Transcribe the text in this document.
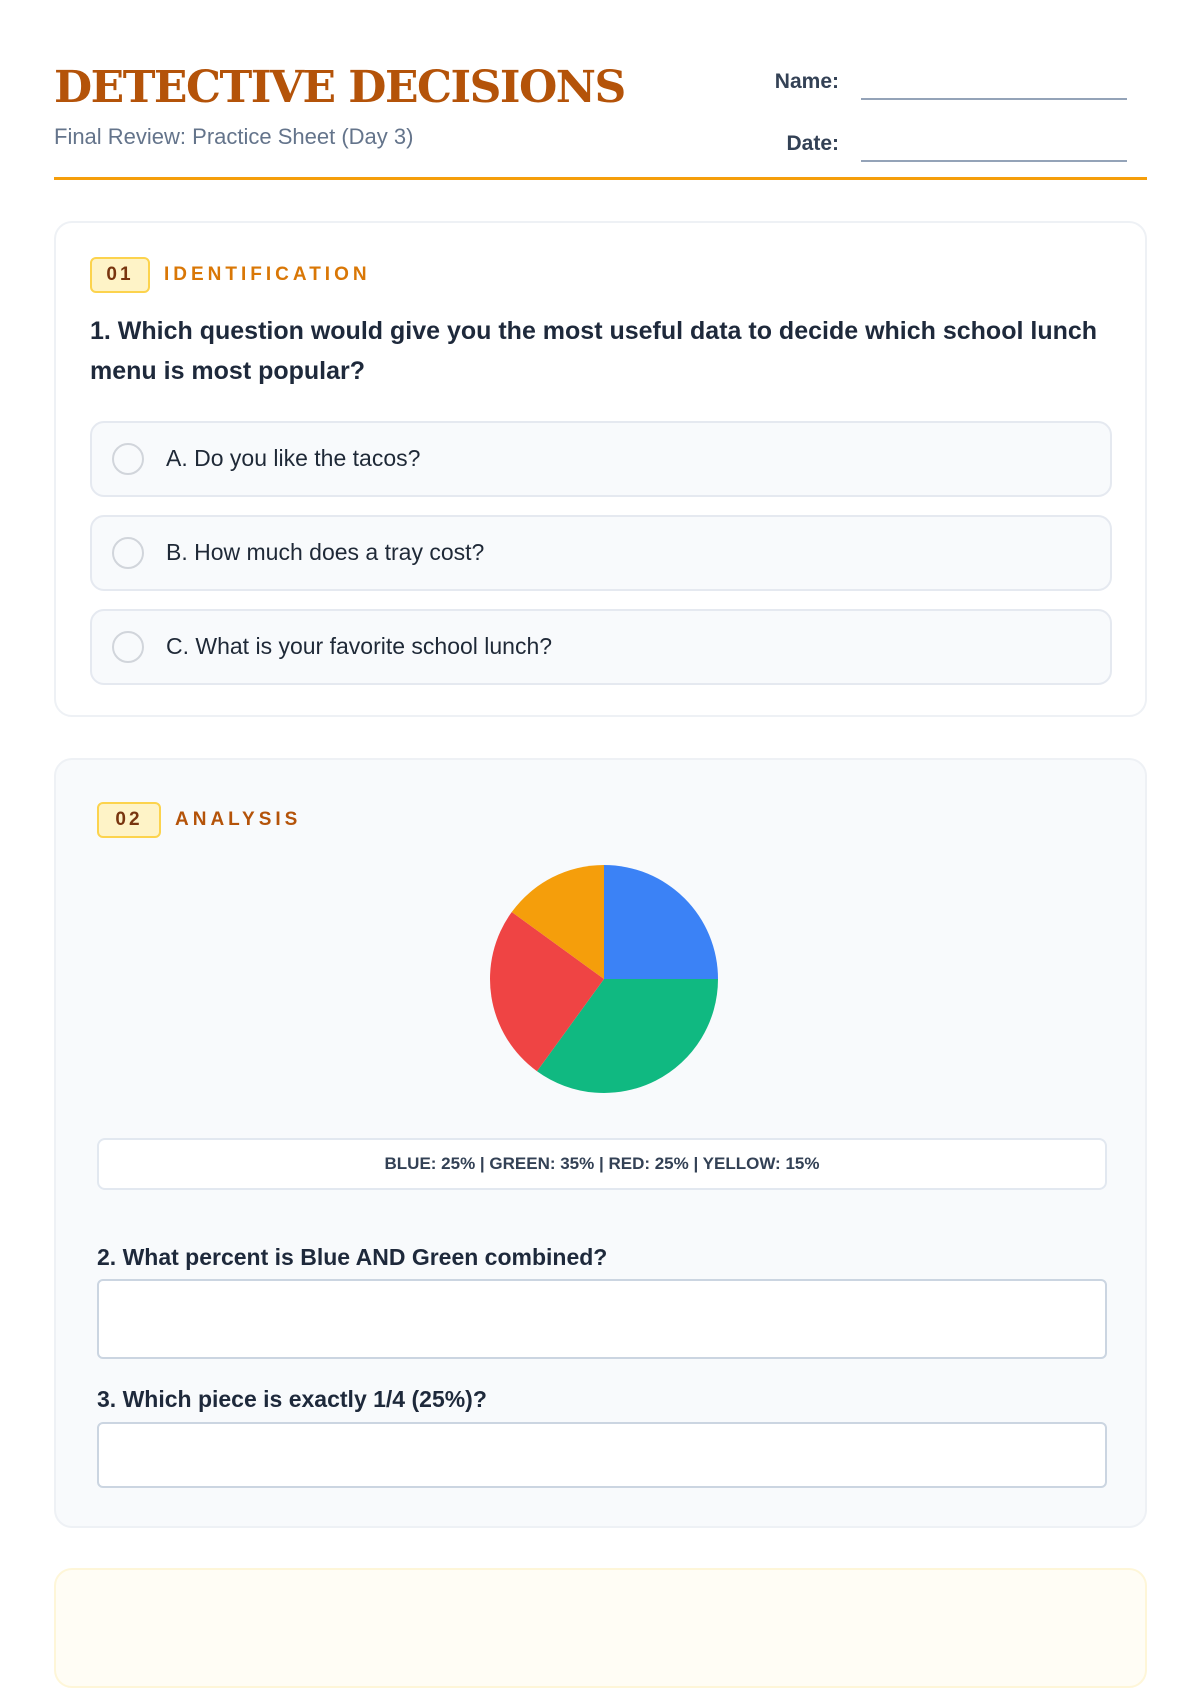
DETECTIVE DECISIONS
Final Review: Practice Sheet (Day 3)
Name:
Date:
01	IDENTIFICATION

1. Which question would give you the most useful data to decide which school lunch menu is most popular?

A. Do you like the tacos?
B. How much does a tray cost?
C. What is your favorite school lunch?
02	ANALYSIS
BLUE: 25% | GREEN: 35% | RED: 25% | YELLOW: 15%
2. What percent is Blue AND Green combined?
3. Which piece is exactly 1/4 (25%)?
